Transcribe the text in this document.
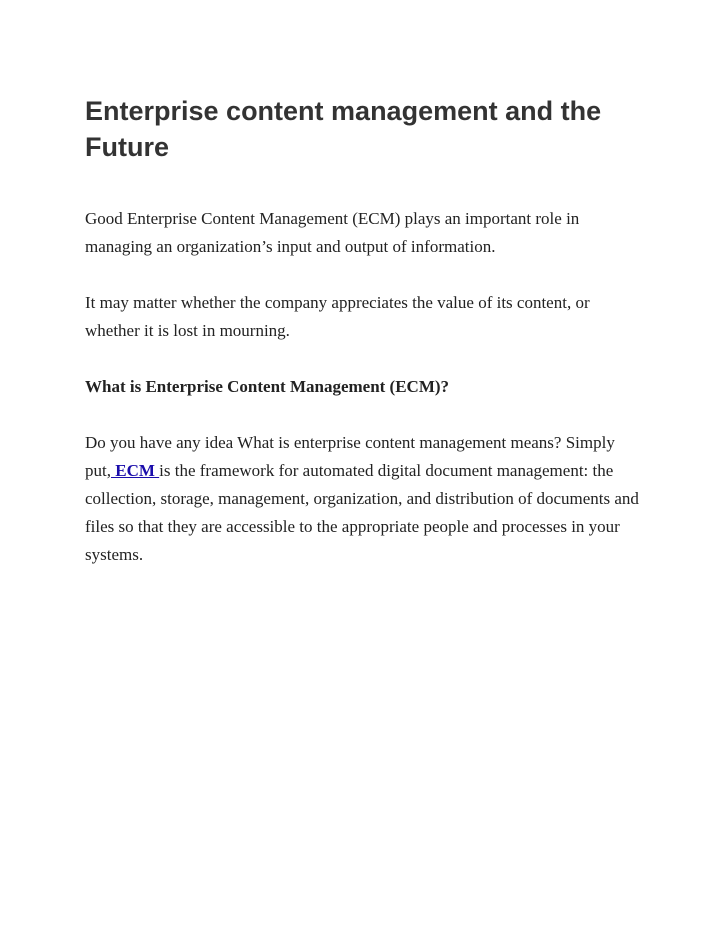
Enterprise content management and the Future

Good Enterprise Content Management (ECM) plays an important role in managing an organization’s input and output of information.

It may matter whether the company appreciates the value of its content, or whether it is lost in mourning.

What is Enterprise Content Management (ECM)?

Do you have any idea What is enterprise content management means? Simply put, ECM is the framework for automated digital document management: the collection, storage, management, organization, and distribution of documents and files so that they are accessible to the appropriate people and processes in your systems.
